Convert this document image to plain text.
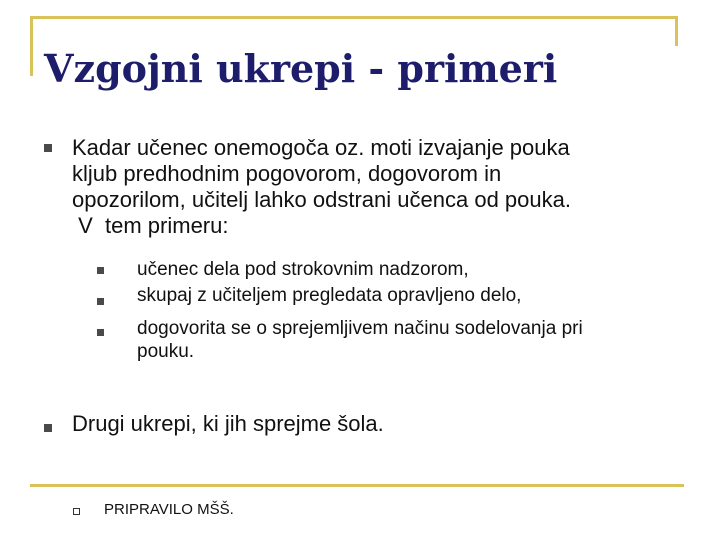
Vzgojni ukrepi - primeri
Kadar učenec onemogoča oz. moti izvajanje pouka
kljub predhodnim pogovorom, dogovorom in
opozorilom, učitelj lahko odstrani učenca od pouka.
V  tem primeru:
učenec dela pod strokovnim nadzorom,
skupaj z učiteljem pregledata opravljeno delo,
dogovorita se o sprejemljivem načinu sodelovanja pri
pouku.
Drugi ukrepi, ki jih sprejme šola.
PRIPRAVILO MŠŠ.
